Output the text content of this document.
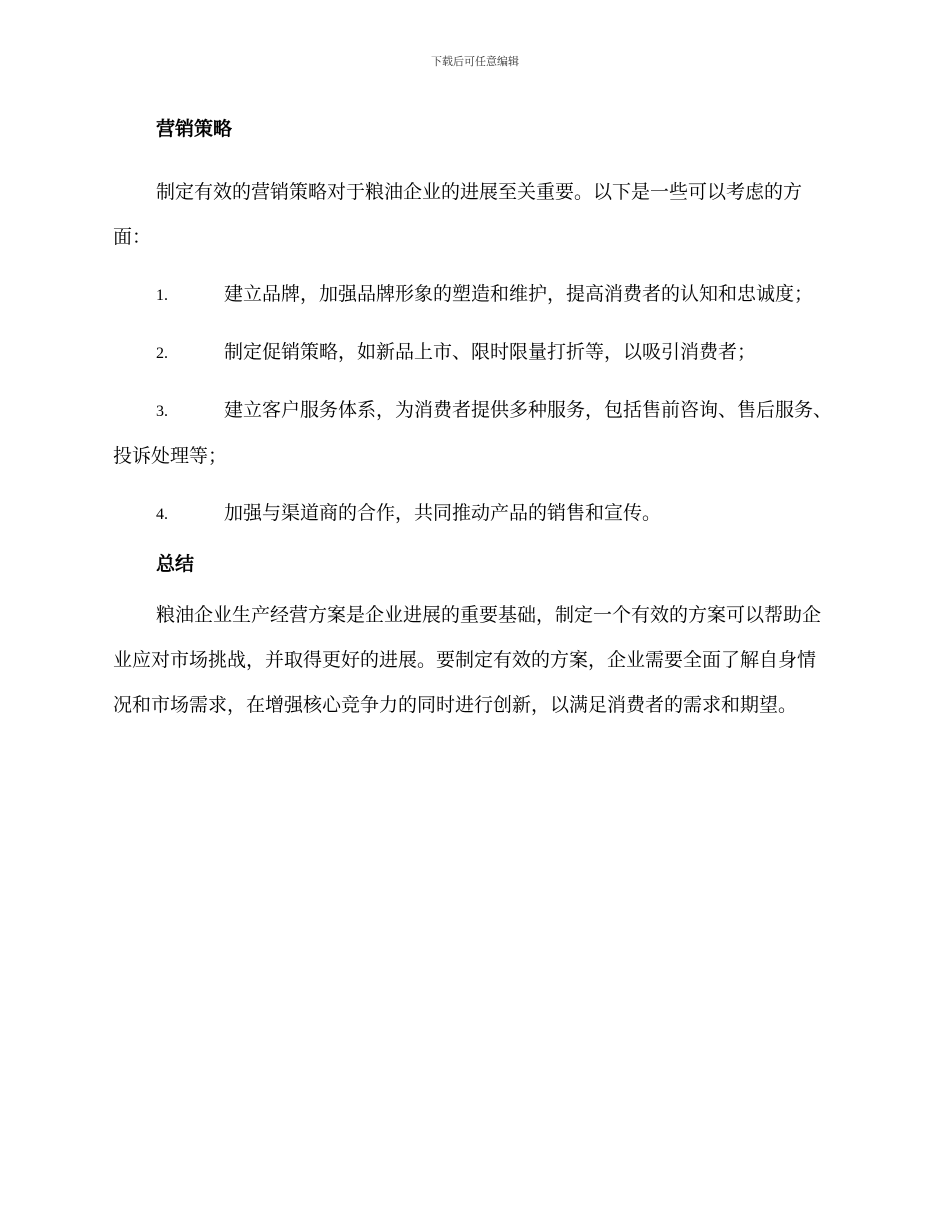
下载后可任意编辑
营销策略

制定有效的营销策略对于粮油企业的进展至关重要。以下是一些可以考虑的方面：

1.	建立品牌，加强品牌形象的塑造和维护，提高消费者的认知和忠诚度；

2.	制定促销策略，如新品上市、限时限量打折等，以吸引消费者；

3.	建立客户服务体系，为消费者提供多种服务，包括售前咨询、售后服务、投诉处理等；

4.	加强与渠道商的合作，共同推动产品的销售和宣传。

总结

粮油企业生产经营方案是企业进展的重要基础，制定一个有效的方案可以帮助企业应对市场挑战，并取得更好的进展。要制定有效的方案，企业需要全面了解自身情况和市场需求，在增强核心竞争力的同时进行创新，以满足消费者的需求和期望。
